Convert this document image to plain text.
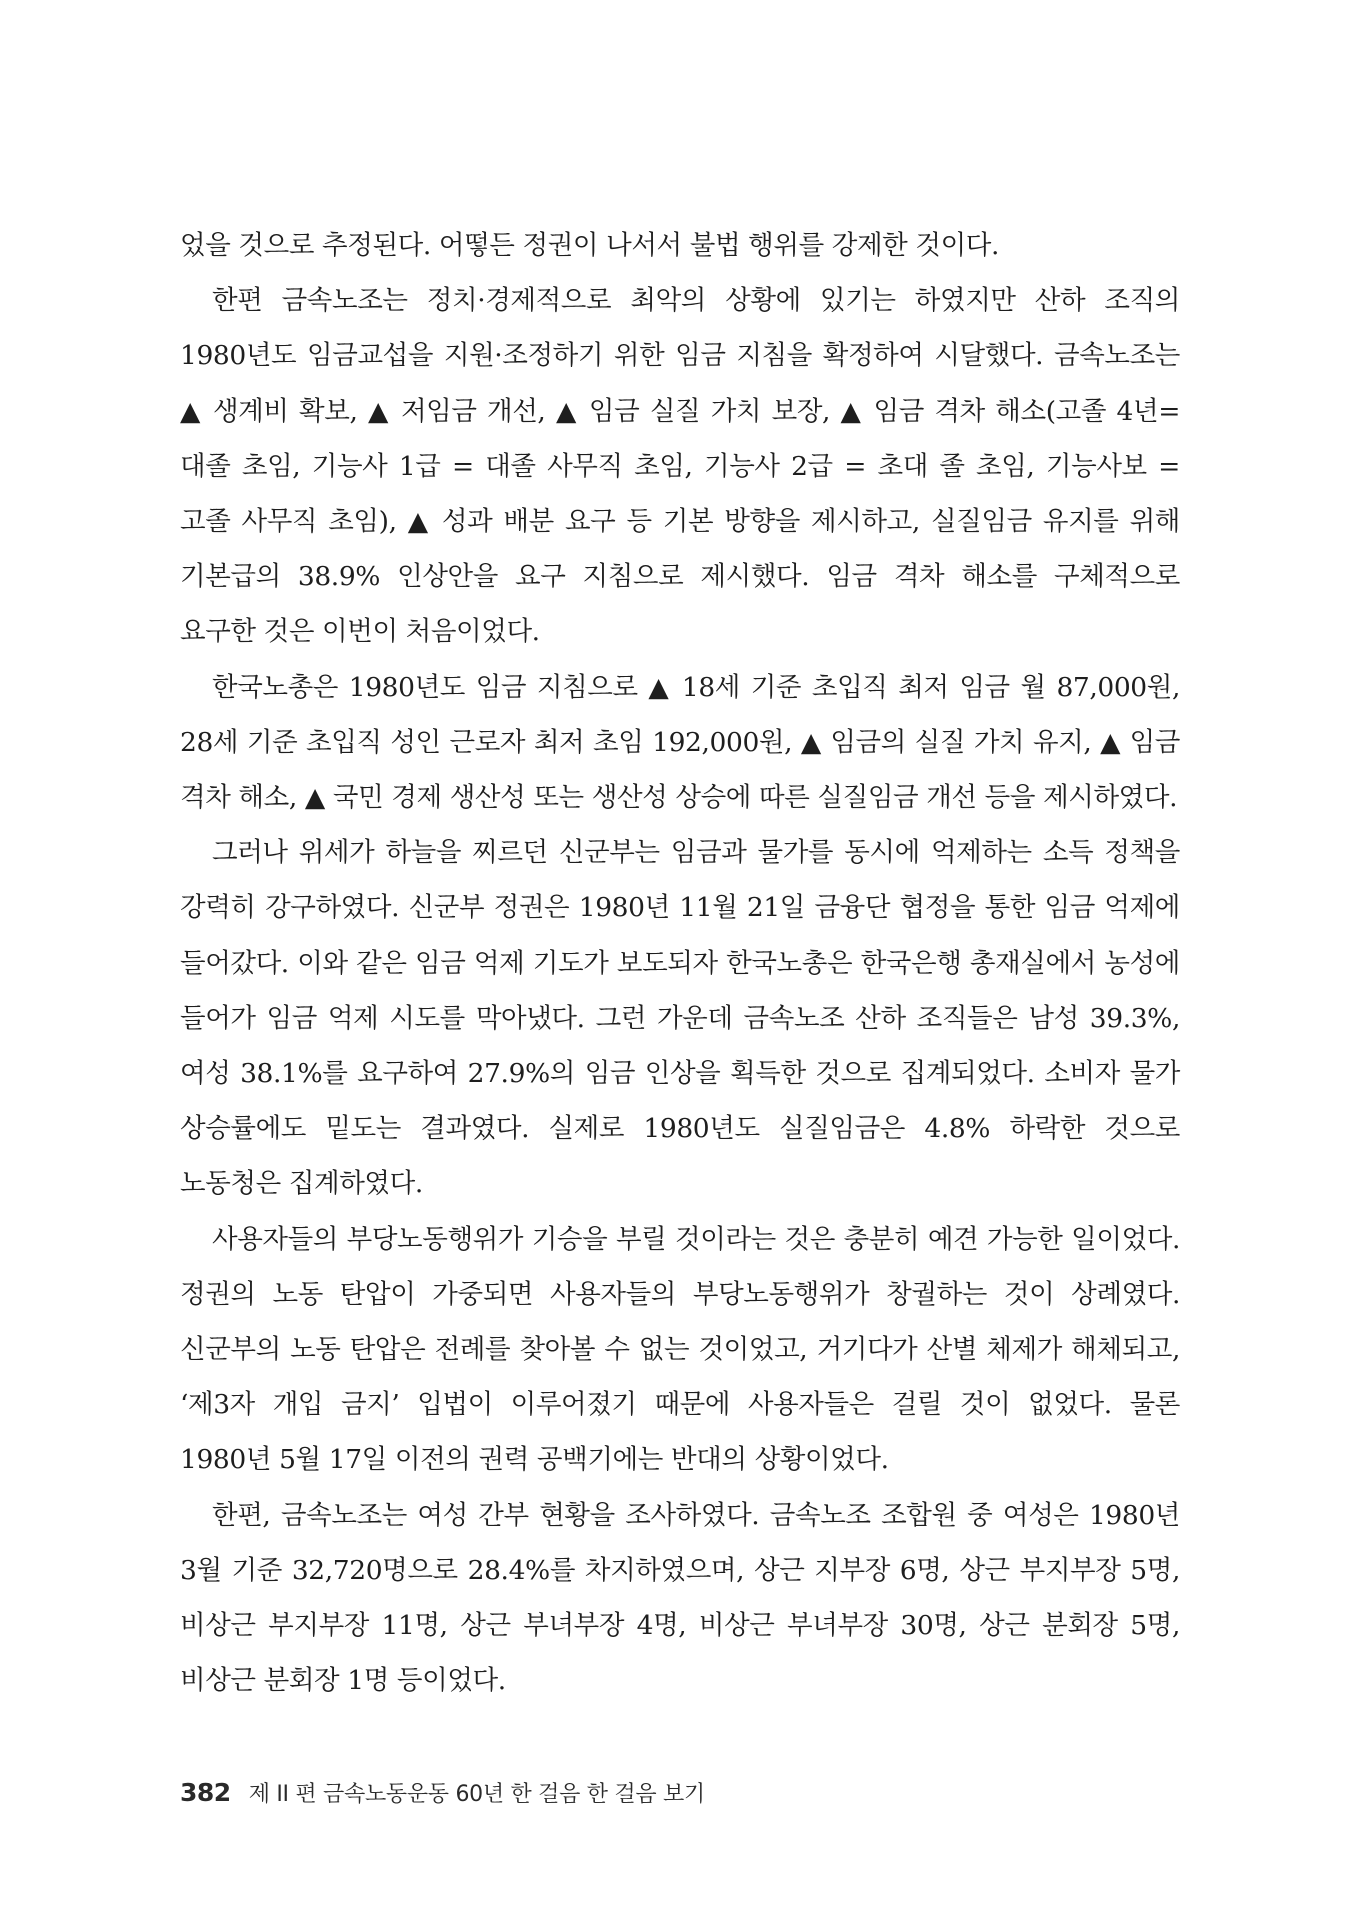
었을 것으로 추정된다. 어떻든 정권이 나서서 불법 행위를 강제한 것이다.

한편 금속노조는 정치·경제적으로 최악의 상황에 있기는 하였지만 산하 조직의 1980년도 임금교섭을 지원·조정하기 위한 임금 지침을 확정하여 시달했다. 금속노조는 ▲ 생계비 확보, ▲ 저임금 개선, ▲ 임금 실질 가치 보장, ▲ 임금 격차 해소(고졸 4년= 대졸 초임, 기능사 1급 = 대졸 사무직 초임, 기능사 2급 = 초대 졸 초임, 기능사보 = 고졸 사무직 초임), ▲ 성과 배분 요구 등 기본 방향을 제시하고, 실질임금 유지를 위해 기본급의 38.9% 인상안을 요구 지침으로 제시했다. 임금 격차 해소를 구체적으로 요구한 것은 이번이 처음이었다.

한국노총은 1980년도 임금 지침으로 ▲ 18세 기준 초입직 최저 임금 월 87,000원, 28세 기준 초입직 성인 근로자 최저 초임 192,000원, ▲ 임금의 실질 가치 유지, ▲ 임금 격차 해소, ▲ 국민 경제 생산성 또는 생산성 상승에 따른 실질임금 개선 등을 제시하였다.

그러나 위세가 하늘을 찌르던 신군부는 임금과 물가를 동시에 억제하는 소득 정책을 강력히 강구하였다. 신군부 정권은 1980년 11월 21일 금융단 협정을 통한 임금 억제에 들어갔다. 이와 같은 임금 억제 기도가 보도되자 한국노총은 한국은행 총재실에서 농성에 들어가 임금 억제 시도를 막아냈다. 그런 가운데 금속노조 산하 조직들은 남성 39.3%, 여성 38.1%를 요구하여 27.9%의 임금 인상을 획득한 것으로 집계되었다. 소비자 물가 상승률에도 밑도는 결과였다. 실제로 1980년도 실질임금은 4.8% 하락한 것으로 노동청은 집계하였다.

사용자들의 부당노동행위가 기승을 부릴 것이라는 것은 충분히 예견 가능한 일이었다. 정권의 노동 탄압이 가중되면 사용자들의 부당노동행위가 창궐하는 것이 상례였다. 신군부의 노동 탄압은 전례를 찾아볼 수 없는 것이었고, 거기다가 산별 체제가 해체되고, ‘제3자 개입 금지’ 입법이 이루어졌기 때문에 사용자들은 걸릴 것이 없었다. 물론 1980년 5월 17일 이전의 권력 공백기에는 반대의 상황이었다.

한편, 금속노조는 여성 간부 현황을 조사하였다. 금속노조 조합원 중 여성은 1980년 3월 기준 32,720명으로 28.4%를 차지하였으며, 상근 지부장 6명, 상근 부지부장 5명, 비상근 부지부장 11명, 상근 부녀부장 4명, 비상근 부녀부장 30명, 상근 분회장 5명, 비상근 분회장 1명 등이었다.

382 제 II 편 금속노동운동 60년 한 걸음 한 걸음 보기
